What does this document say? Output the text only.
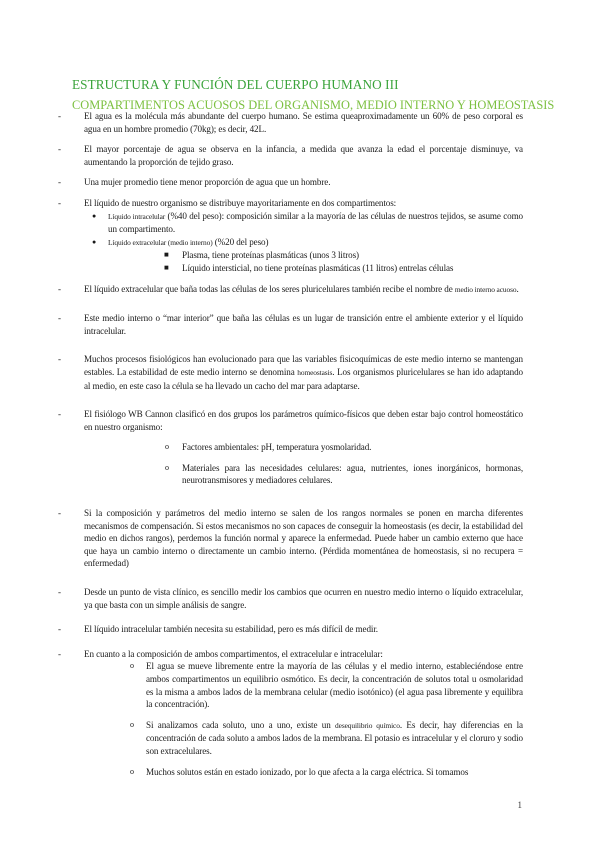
ESTRUCTURA Y FUNCIÓN DEL CUERPO HUMANO III
COMPARTIMENTOS ACUOSOS DEL ORGANISMO, MEDIO INTERNO Y HOMEOSTASIS
-	El agua es la molécula más abundante del cuerpo humano. Se estima queaproximadamente un 60% de peso corporal es agua en un hombre promedio (70kg); es decir, 42L.
-	El mayor porcentaje de agua se observa en la infancia, a medida que avanza la edad el porcentaje disminuye, va aumentando la proporción de tejido graso.
-	Una mujer promedio tiene menor proporción de agua que un hombre.
-	El líquido de nuestro organismo se distribuye mayoritariamente en dos compartimentos:
● Líquido intracelular (%40 del peso): composición similar a la mayoría de las células de nuestros tejidos, se asume como un compartimento.
● Líquido extracelular (medio interno) (%20 del peso)
■ Plasma, tiene proteínas plasmáticas (unos 3 litros)
■ Líquido intersticial, no tiene proteínas plasmáticas (11 litros) entrelas células
-	El líquido extracelular que baña todas las células de los seres pluricelulares también recibe el nombre de medio interno acuoso.
-	Este medio interno o “mar interior” que baña las células es un lugar de transición entre el ambiente exterior y el líquido intracelular.
-	Muchos procesos fisiológicos han evolucionado para que las variables fisicoquímicas de este medio interno se mantengan estables. La estabilidad de este medio interno se denomina homeostasis. Los organismos pluricelulares se han ido adaptando al medio, en este caso la célula se ha llevado un cacho del mar para adaptarse.
-	El fisiólogo WB Cannon clasificó en dos grupos los parámetros químico-físicos que deben estar bajo control homeostático en nuestro organismo:
o Factores ambientales: pH, temperatura yosmolaridad.
o Materiales para las necesidades celulares: agua, nutrientes, iones inorgánicos, hormonas, neurotransmisores y mediadores celulares.
-	Si la composición y parámetros del medio interno se salen de los rangos normales se ponen en marcha diferentes mecanismos de compensación. Si estos mecanismos no son capaces de conseguir la homeostasis (es decir, la estabilidad del medio en dichos rangos), perdemos la función normal y aparece la enfermedad. Puede haber un cambio externo que hace que haya un cambio interno o directamente un cambio interno. (Pérdida momentánea de homeostasis, si no recupera = enfermedad)
-	Desde un punto de vista clínico, es sencillo medir los cambios que ocurren en nuestro medio interno o líquido extracelular, ya que basta con un simple análisis de sangre.
-	El líquido intracelular también necesita su estabilidad, pero es más difícil de medir.
-	En cuanto a la composición de ambos compartimentos, el extracelular e intracelular:
o El agua se mueve libremente entre la mayoría de las células y el medio interno, estableciéndose entre ambos compartimentos un equilibrio osmótico. Es decir, la concentración de solutos total u osmolaridad es la misma a ambos lados de la membrana celular (medio isotónico) (el agua pasa libremente y equilibra la concentración).
o Si analizamos cada soluto, uno a uno, existe un desequilibrio químico. Es decir, hay diferencias en la concentración de cada soluto a ambos lados de la membrana. El potasio es intracelular y el cloruro y sodio son extracelulares.
o Muchos solutos están en estado ionizado, por lo que afecta a la carga eléctrica. Si tomamos
1
